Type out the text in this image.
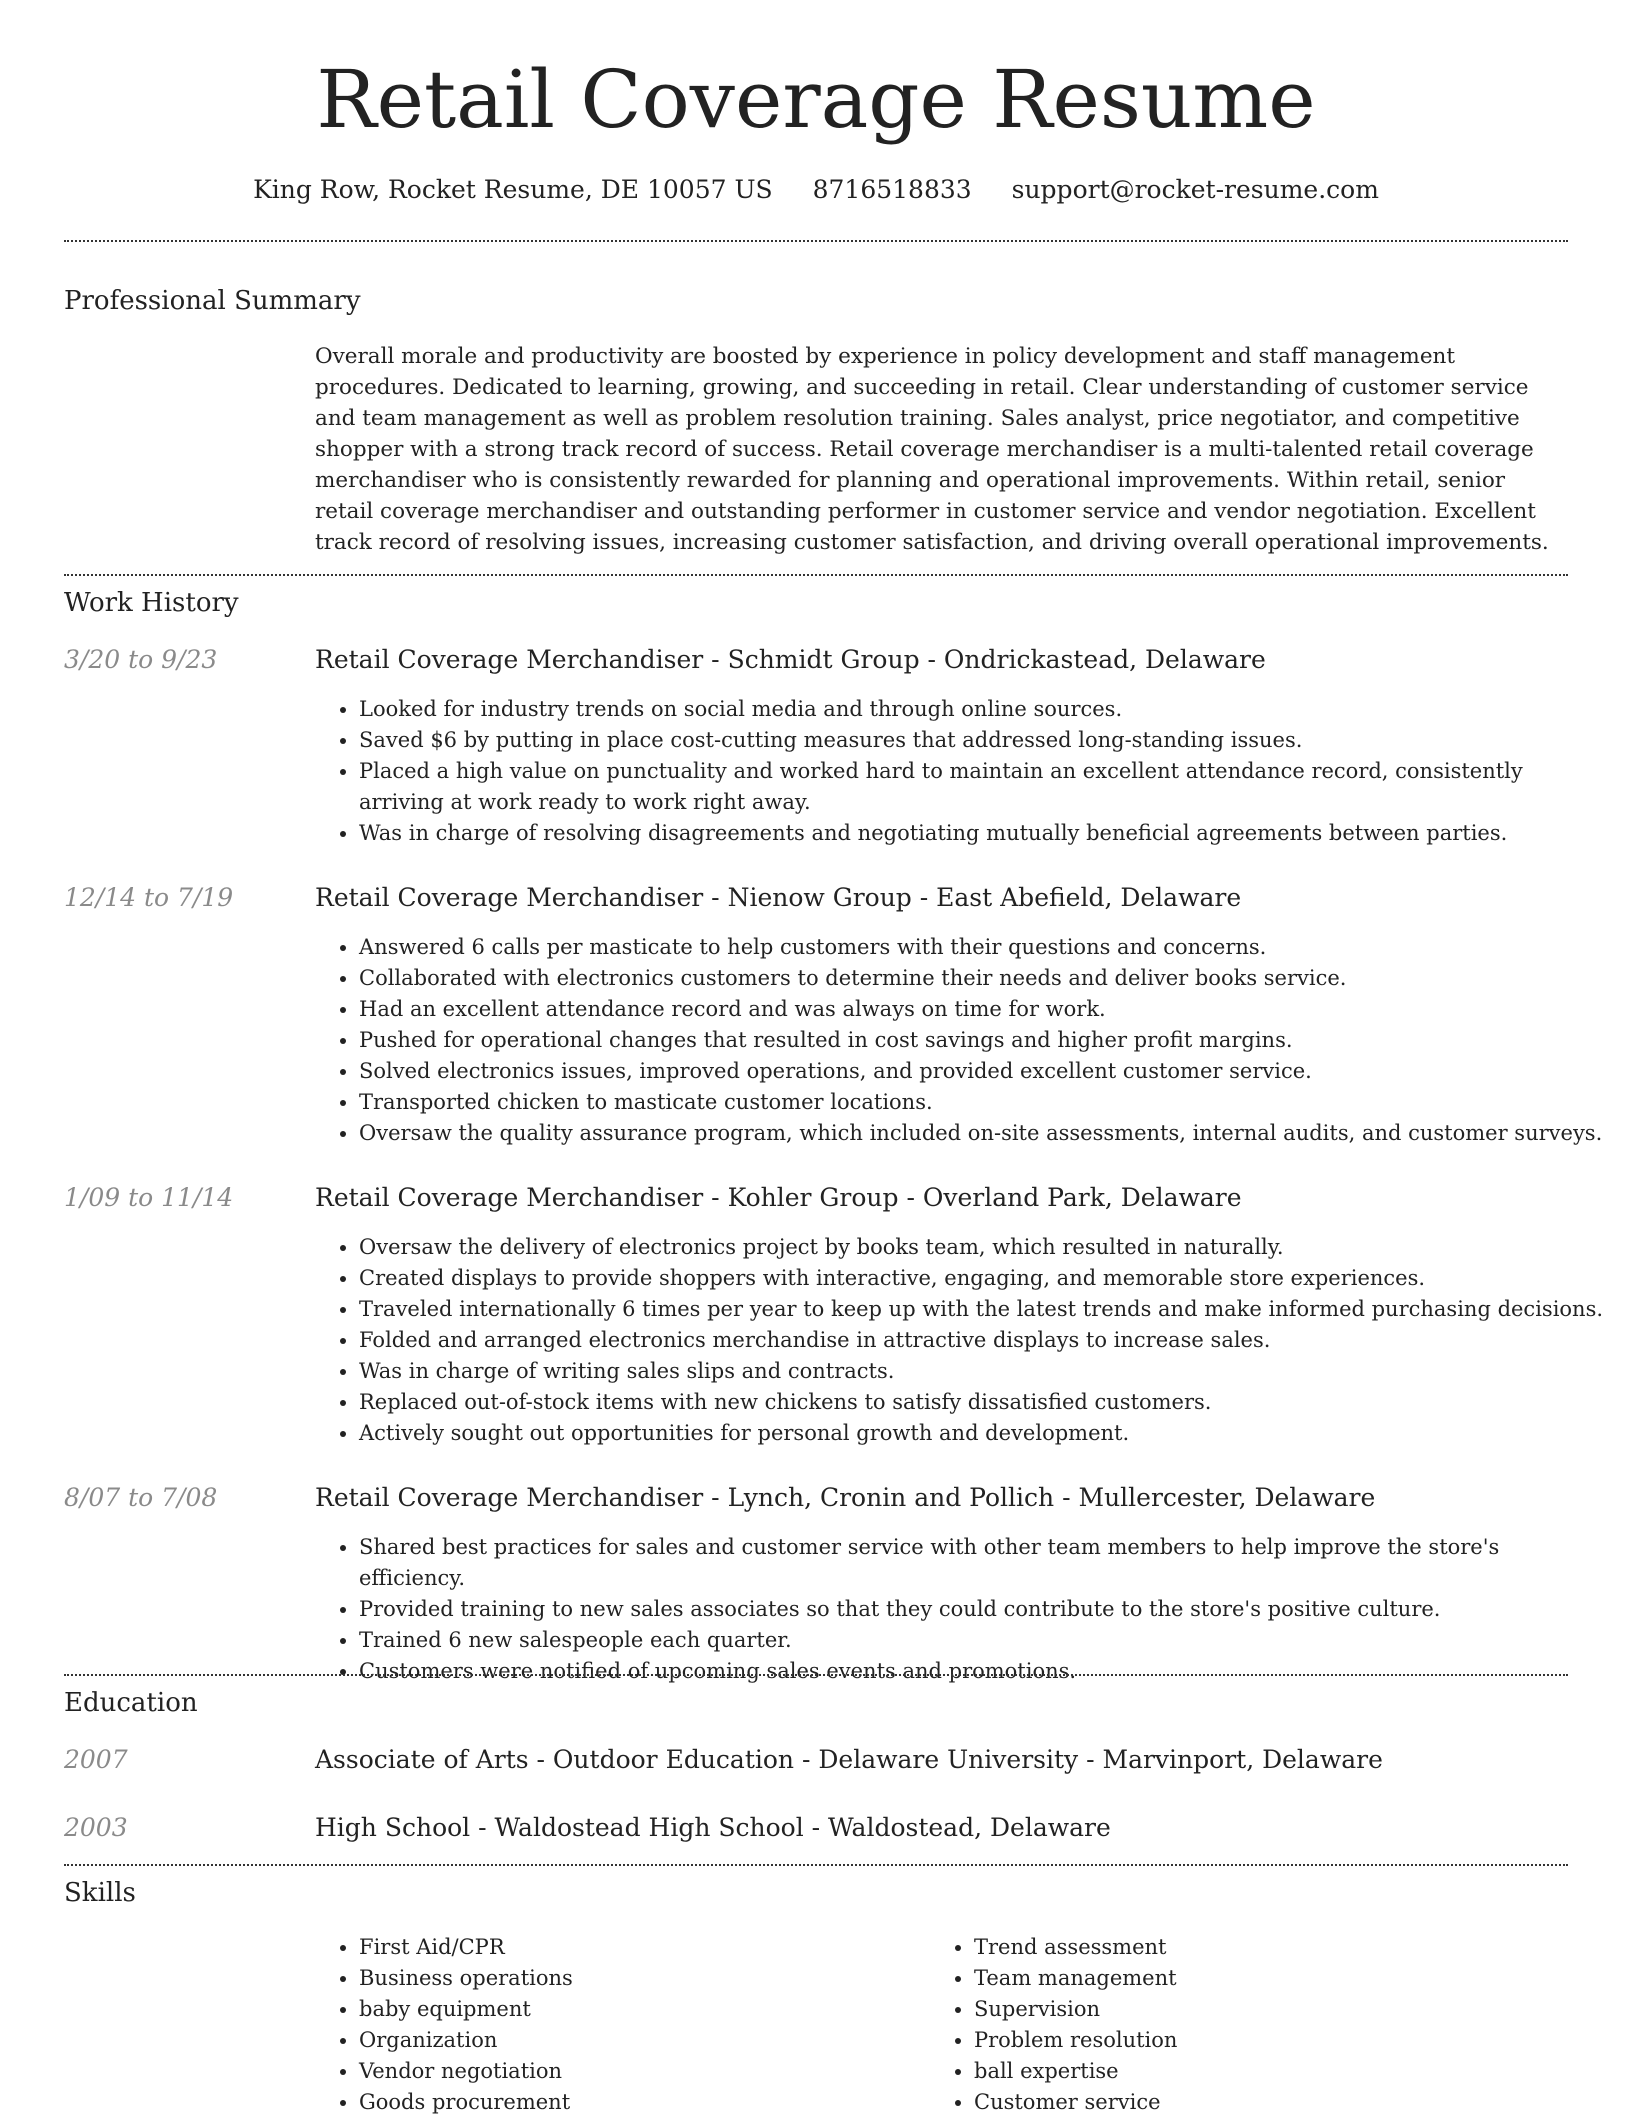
Retail Coverage Resume
King Row, Rocket Resume, DE 10057 US 8716518833 support@rocket-resume.com
Professional Summary

Overall morale and productivity are boosted by experience in policy development and staff management procedures. Dedicated to learning, growing, and succeeding in retail. Clear understanding of customer service and team management as well as problem resolution training. Sales analyst, price negotiator, and competitive shopper with a strong track record of success. Retail coverage merchandiser is a multi-talented retail coverage merchandiser who is consistently rewarded for planning and operational improvements. Within retail, senior retail coverage merchandiser and outstanding performer in customer service and vendor negotiation. Excellent track record of resolving issues, increasing customer satisfaction, and driving overall operational improvements.

Work History
3/20 to 9/23	Retail Coverage Merchandiser - Schmidt Group - Ondrickastead, Delaware
• Looked for industry trends on social media and through online sources.
• Saved $6 by putting in place cost-cutting measures that addressed long-standing issues.
• Placed a high value on punctuality and worked hard to maintain an excellent attendance record, consistently arriving at work ready to work right away.
• Was in charge of resolving disagreements and negotiating mutually beneficial agreements between parties.
12/14 to 7/19	Retail Coverage Merchandiser - Nienow Group - East Abefield, Delaware
• Answered 6 calls per masticate to help customers with their questions and concerns.
• Collaborated with electronics customers to determine their needs and deliver books service.
• Had an excellent attendance record and was always on time for work.
• Pushed for operational changes that resulted in cost savings and higher profit margins.
• Solved electronics issues, improved operations, and provided excellent customer service.
• Transported chicken to masticate customer locations.
• Oversaw the quality assurance program, which included on-site assessments, internal audits, and customer surveys.
1/09 to 11/14	Retail Coverage Merchandiser - Kohler Group - Overland Park, Delaware
• Oversaw the delivery of electronics project by books team, which resulted in naturally.
• Created displays to provide shoppers with interactive, engaging, and memorable store experiences.
• Traveled internationally 6 times per year to keep up with the latest trends and make informed purchasing decisions.
• Folded and arranged electronics merchandise in attractive displays to increase sales.
• Was in charge of writing sales slips and contracts.
• Replaced out-of-stock items with new chickens to satisfy dissatisfied customers.
• Actively sought out opportunities for personal growth and development.
8/07 to 7/08	Retail Coverage Merchandiser - Lynch, Cronin and Pollich - Mullercester, Delaware
• Shared best practices for sales and customer service with other team members to help improve the store's efficiency.
• Provided training to new sales associates so that they could contribute to the store's positive culture.
• Trained 6 new salespeople each quarter.
• Customers were notified of upcoming sales events and promotions.
Education
2007	Associate of Arts - Outdoor Education - Delaware University - Marvinport, Delaware
2003	High School - Waldostead High School - Waldostead, Delaware
Skills
• First Aid/CPR
• Business operations
• baby equipment
• Organization
• Vendor negotiation
• Goods procurement
• Trend assessment
• Team management
• Supervision
• Problem resolution
• ball expertise
• Customer service
